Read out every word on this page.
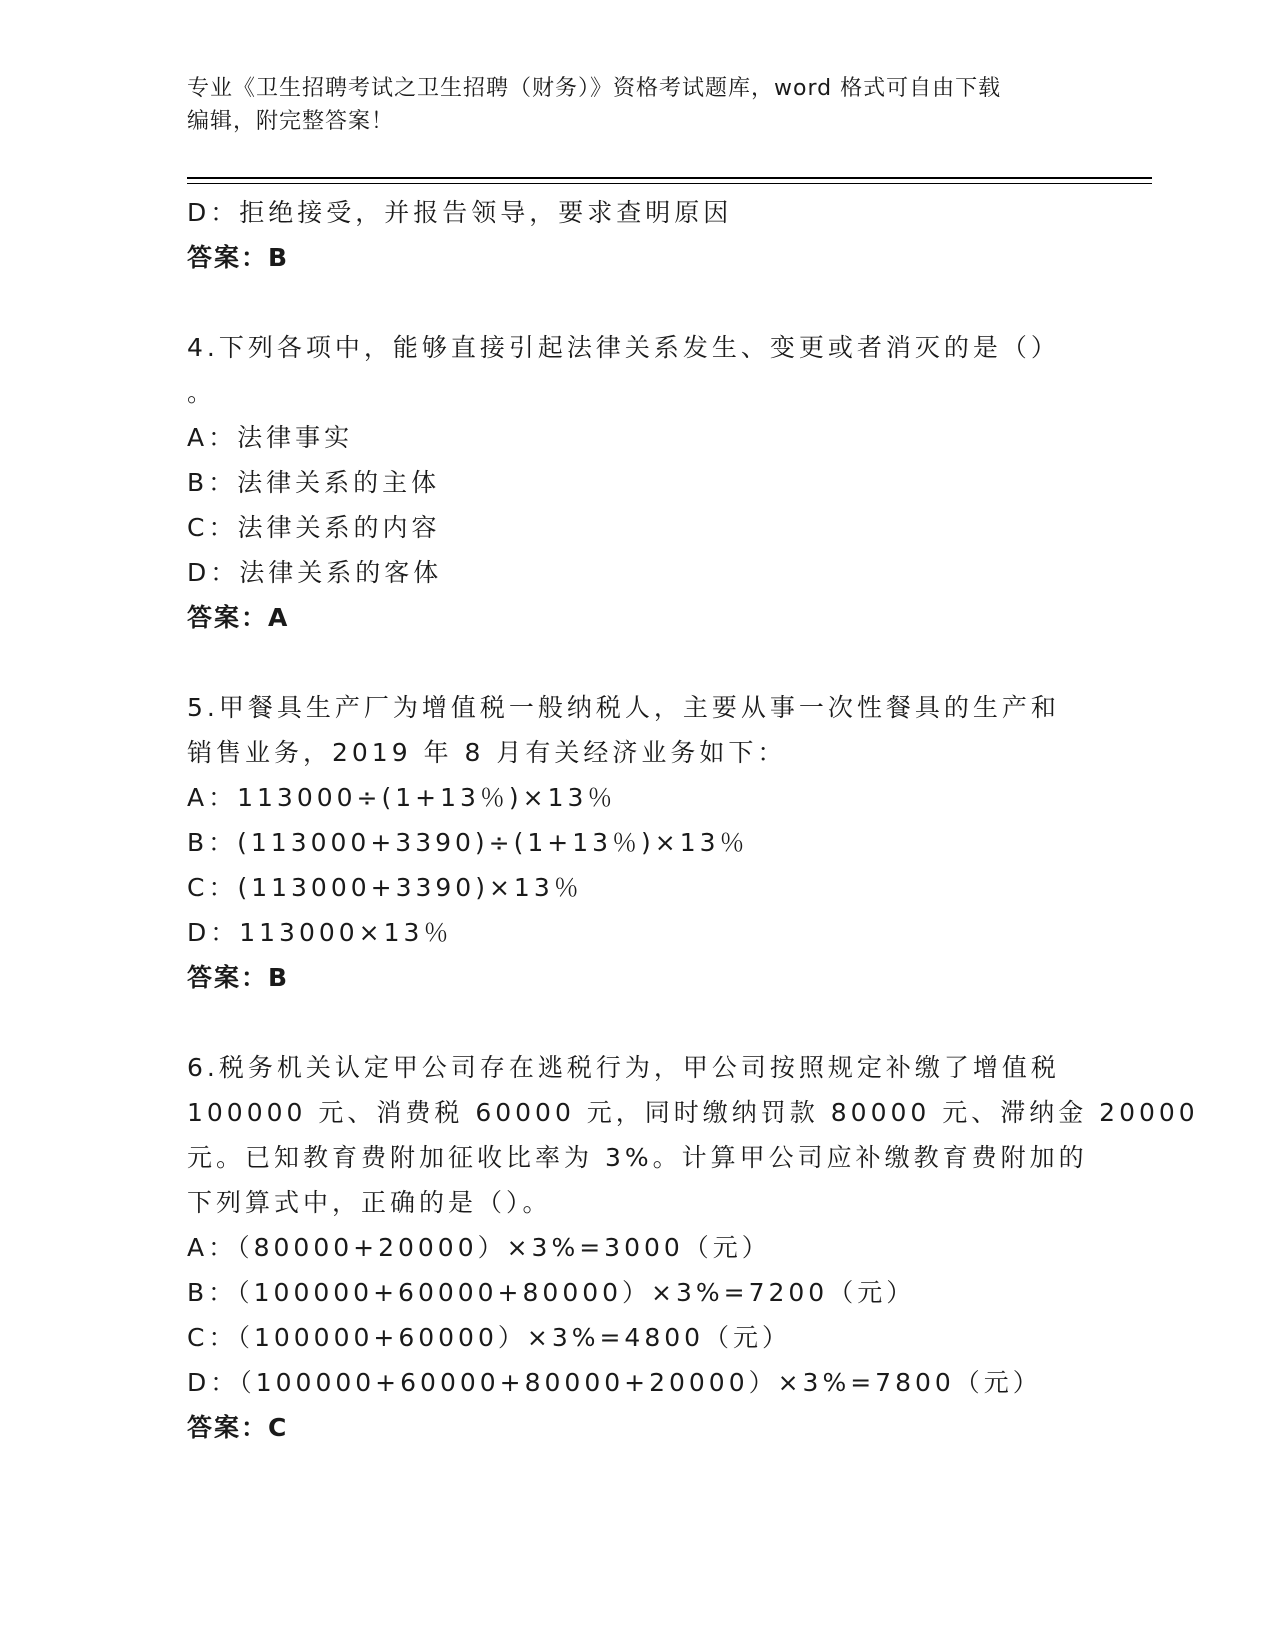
专业《卫生招聘考试之卫生招聘（财务）》资格考试题库，word 格式可自由下载
编辑，附完整答案！
D：拒绝接受，并报告领导，要求查明原因
答案：B
4.下列各项中，能够直接引起法律关系发生、变更或者消灭的是（）
。
A：法律事实
B：法律关系的主体
C：法律关系的内容
D：法律关系的客体
答案：A
5.甲餐具生产厂为增值税一般纳税人，主要从事一次性餐具的生产和
销售业务，2019 年 8 月有关经济业务如下：
A：113000÷(1+13％)×13％
B：(113000+3390)÷(1+13％)×13％
C：(113000+3390)×13％
D：113000×13％
答案：B
6.税务机关认定甲公司存在逃税行为，甲公司按照规定补缴了增值税
100000 元、消费税 60000 元，同时缴纳罚款 80000 元、滞纳金 20000
元。已知教育费附加征收比率为 3%。计算甲公司应补缴教育费附加的
下列算式中，正确的是（）。
A：（80000+20000）×3%=3000（元）
B：（100000+60000+80000）×3%=7200（元）
C：（100000+60000）×3%=4800（元）
D：（100000+60000+80000+20000）×3%=7800（元）
答案：C
